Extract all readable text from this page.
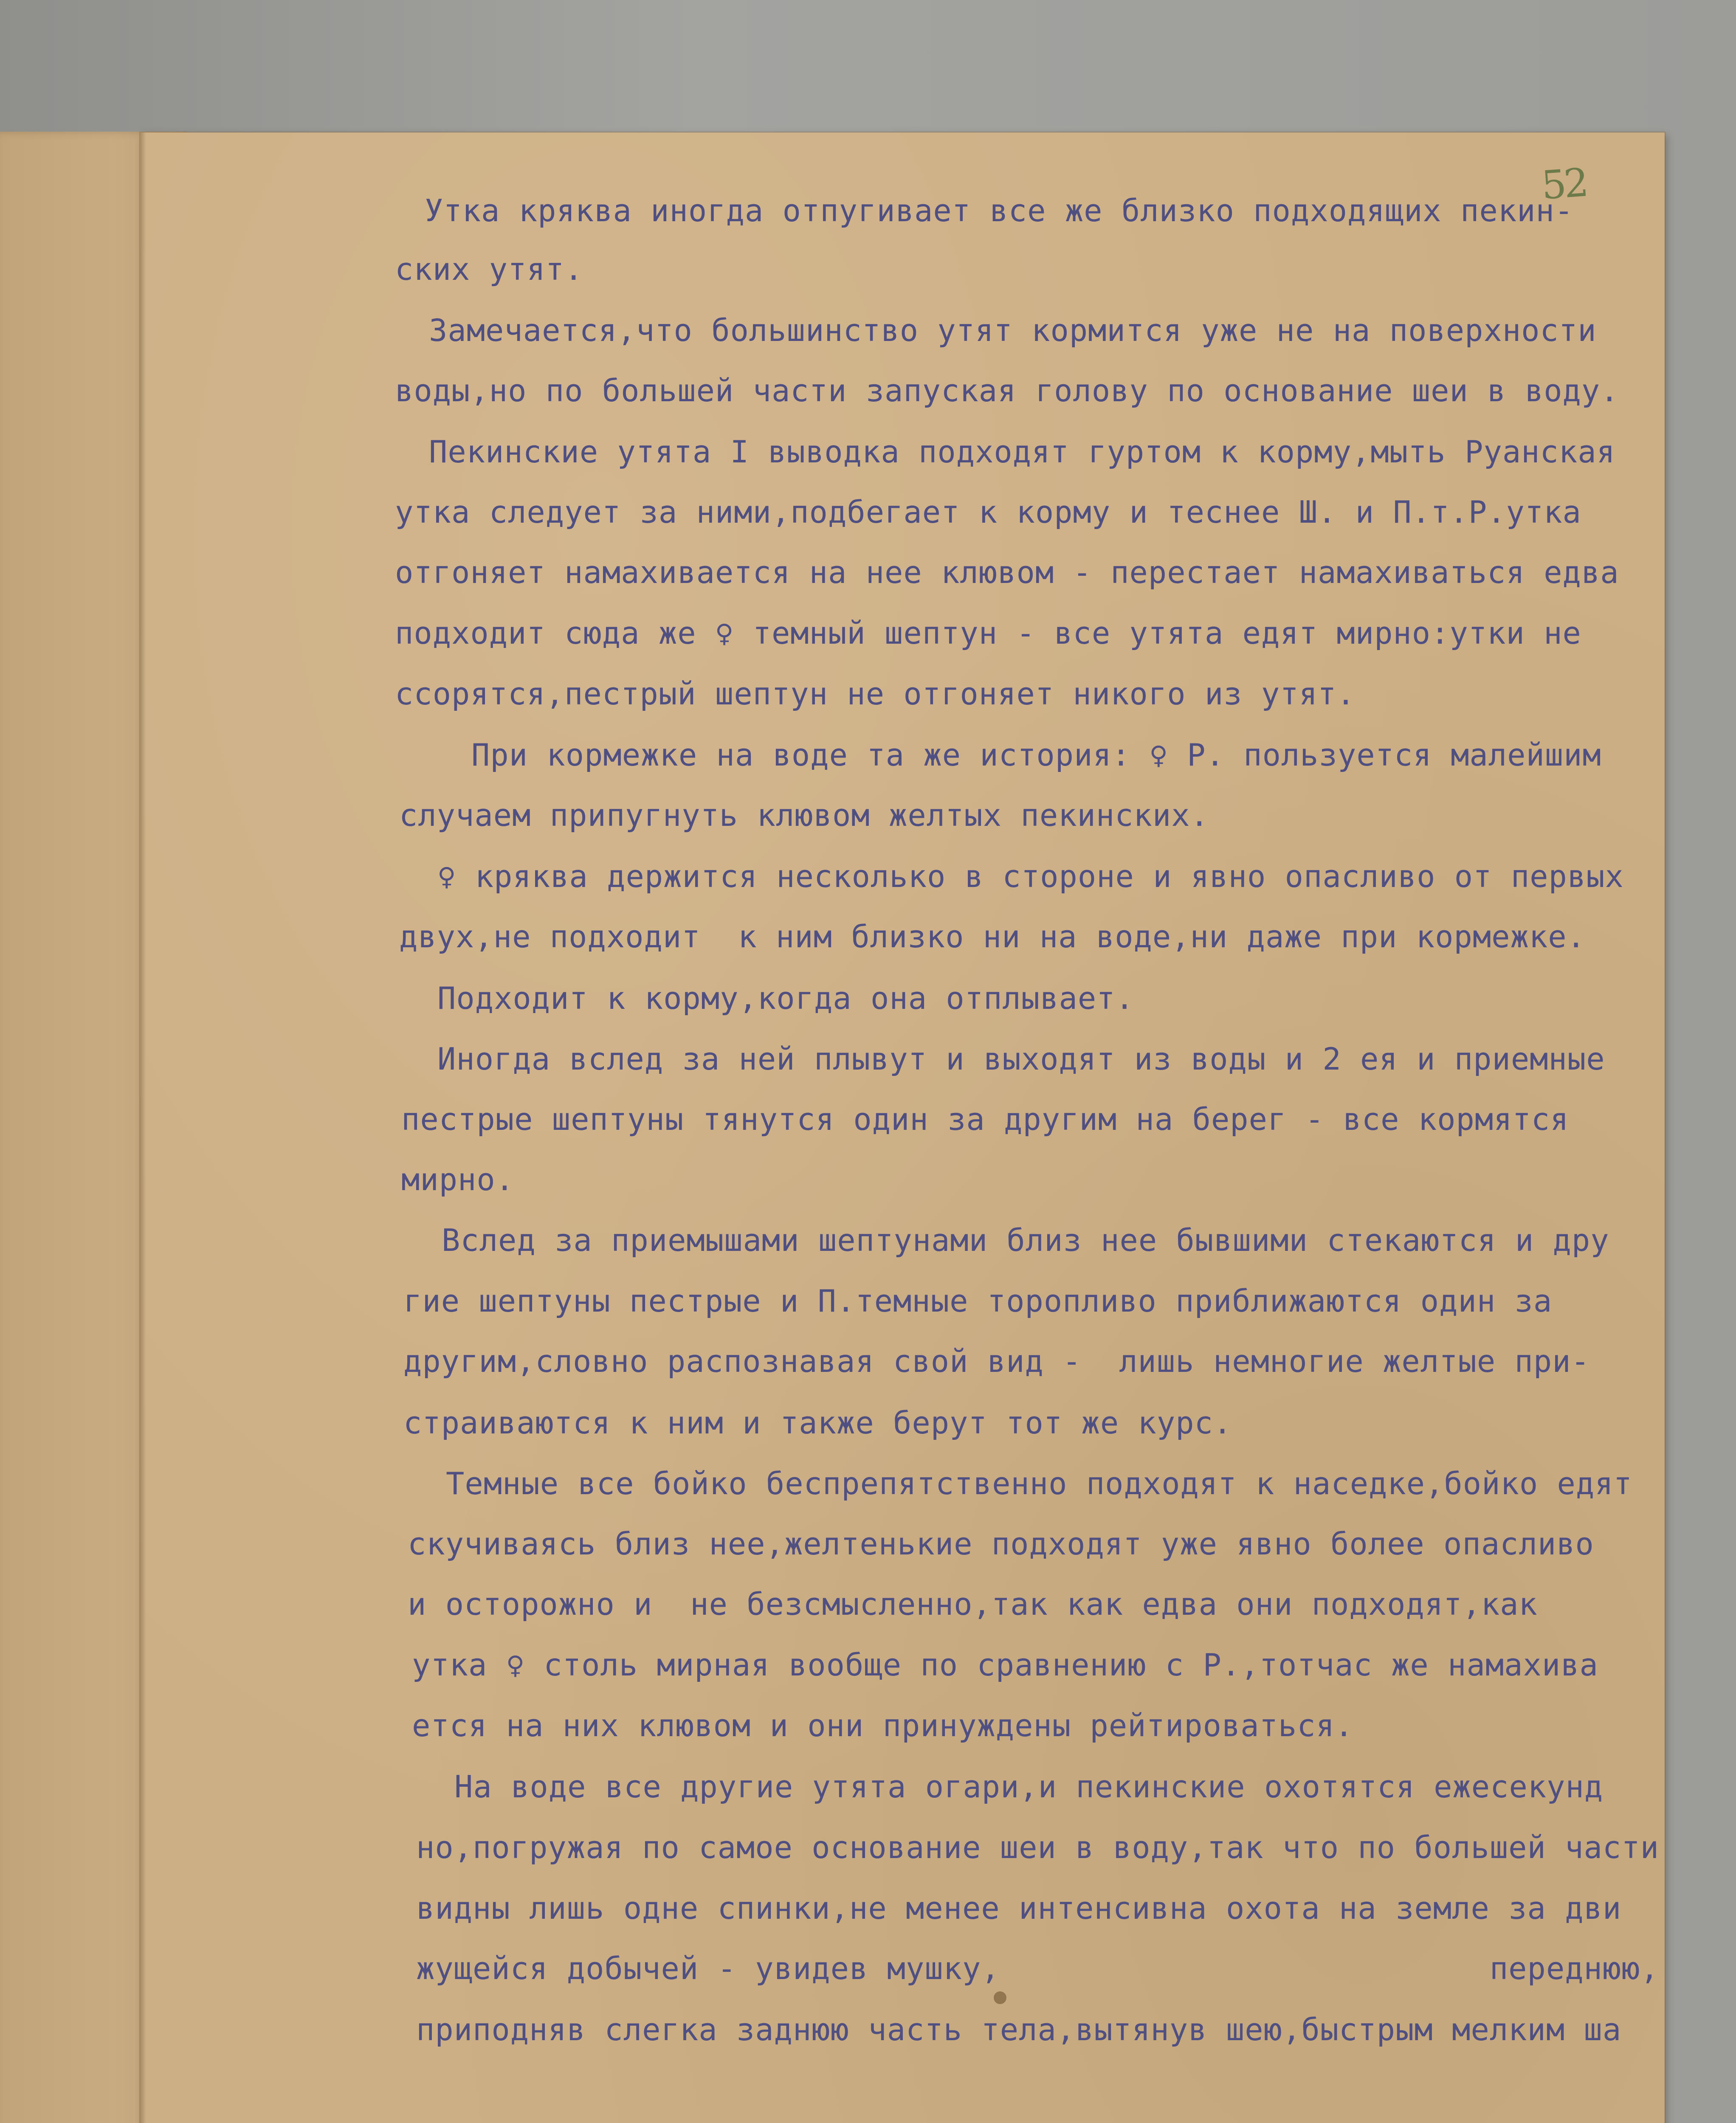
52
Утка кряква иногда отпугивает все же близко подходящих пекин-
ских утят.
Замечается,что большинство утят кормится уже не на поверхности
воды,но по большей части запуская голову по основание шеи в воду.
Пекинские утята I выводка подходят гуртом к корму,мыть Руанская
утка следует за ними,подбегает к корму и теснее Ш. и П.т.Р.утка
отгоняет намахивается на нее клювом - перестает намахиваться едва
подходит сюда же ♀ темный шептун - все утята едят мирно:утки не
ссорятся,пестрый шептун не отгоняет никого из утят.
При кормежке на воде та же история: ♀ Р. пользуется малейшим
случаем припугнуть клювом желтых пекинских.
♀ кряква держится несколько в стороне и явно опасливо от первых
двух,не подходит  к ним близко ни на воде,ни даже при кормежке.
Подходит к корму,когда она отплывает.
Иногда вслед за ней плывут и выходят из воды и 2 ея и приемные
пестрые шептуны тянутся один за другим на берег - все кормятся
мирно.
Вслед за приемышами шептунами близ нее бывшими стекаются и дру
гие шептуны пестрые и П.темные торопливо приближаются один за
другим,словно распознавая свой вид -  лишь немногие желтые при-
страиваются к ним и также берут тот же курс.
Темные все бойко беспрепятственно подходят к наседке,бойко едят
скучиваясь близ нее,желтенькие подходят уже явно более опасливо
и осторожно и  не безсмысленно,так как едва они подходят,как
утка ♀ столь мирная вообще по сравнению с Р.,тотчас же намахива
ется на них клювом и они принуждены рейтироваться.
На воде все другие утята огари,и пекинские охотятся ежесекунд
но,погружая по самое основание шеи в воду,так что по большей части
видны лишь одне спинки,не менее интенсивна охота на земле за дви
жущейся добычей - увидев мушку,                          переднюю,
приподняв слегка заднюю часть тела,вытянув шею,быстрым мелким ша
